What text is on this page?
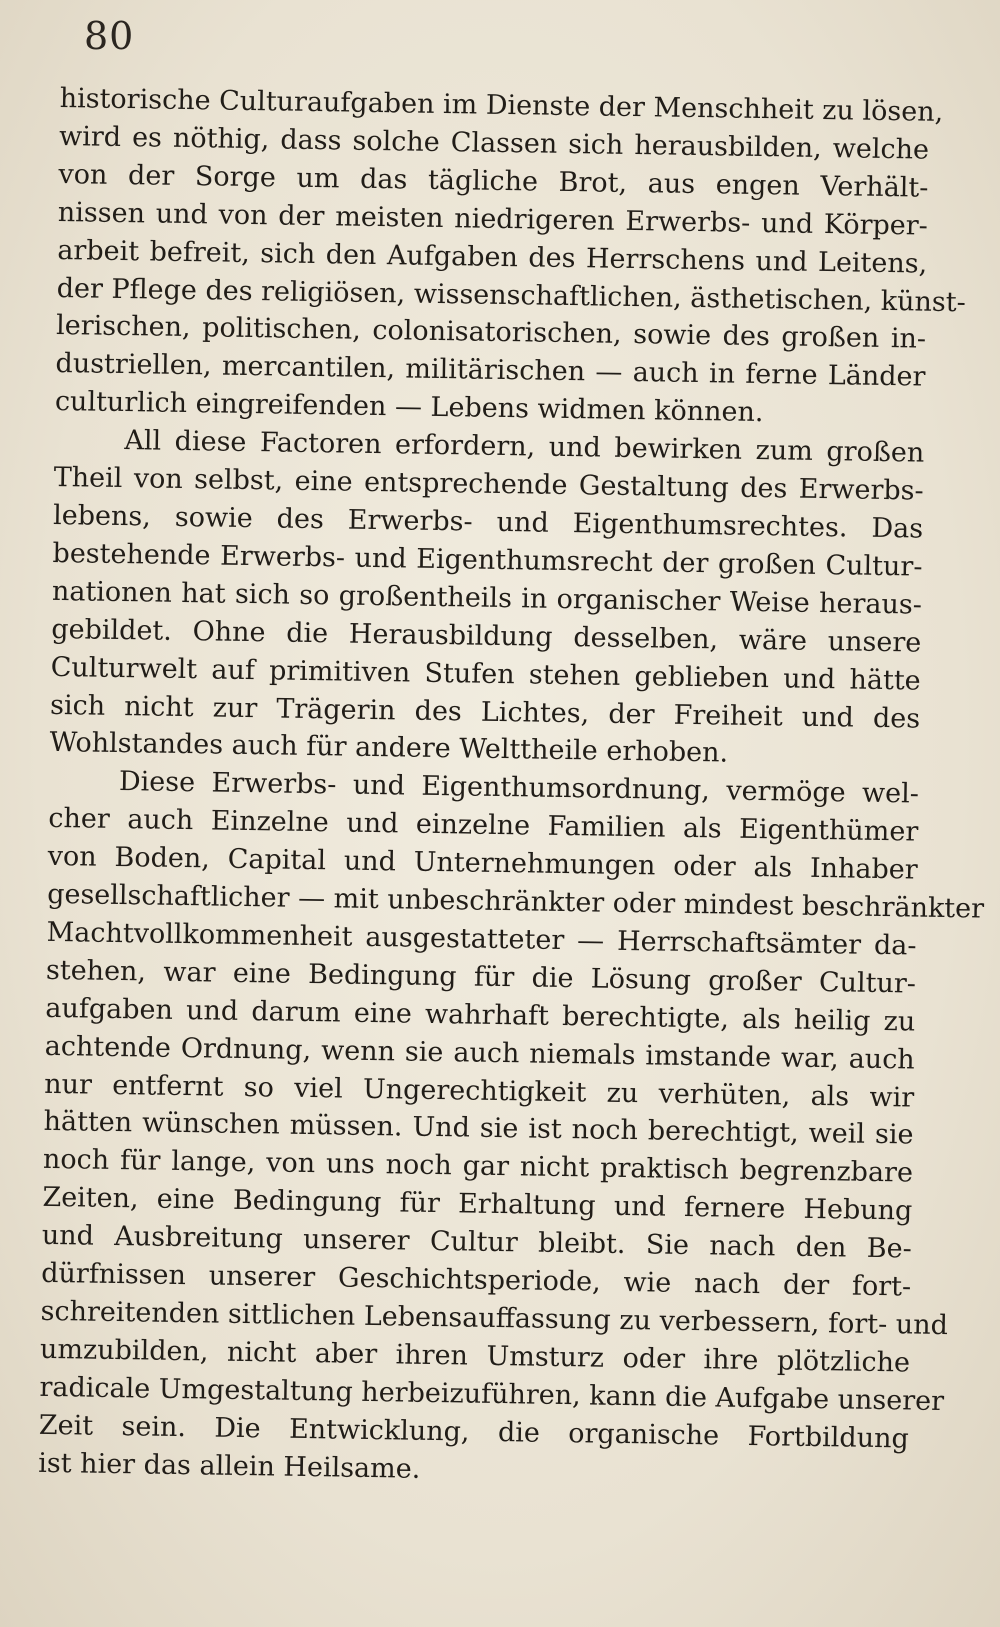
80
historische Culturaufgaben im Dienste der Menschheit zu lösen,
wird es nöthig, dass solche Classen sich herausbilden, welche
von der Sorge um das tägliche Brot, aus engen Verhält-
nissen und von der meisten niedrigeren Erwerbs- und Körper-
arbeit befreit, sich den Aufgaben des Herrschens und Leitens,
der Pflege des religiösen, wissenschaftlichen, ästhetischen, künst-
lerischen, politischen, colonisatorischen, sowie des großen in-
dustriellen, mercantilen, militärischen — auch in ferne Länder
culturlich eingreifenden — Lebens widmen können.
All diese Factoren erfordern, und bewirken zum großen
Theil von selbst, eine entsprechende Gestaltung des Erwerbs-
lebens, sowie des Erwerbs- und Eigenthumsrechtes. Das
bestehende Erwerbs- und Eigenthumsrecht der großen Cultur-
nationen hat sich so großentheils in organischer Weise heraus-
gebildet. Ohne die Herausbildung desselben, wäre unsere
Culturwelt auf primitiven Stufen stehen geblieben und hätte
sich nicht zur Trägerin des Lichtes, der Freiheit und des
Wohlstandes auch für andere Welttheile erhoben.
Diese Erwerbs- und Eigenthumsordnung, vermöge wel-
cher auch Einzelne und einzelne Familien als Eigenthümer
von Boden, Capital und Unternehmungen oder als Inhaber
gesellschaftlicher — mit unbeschränkter oder mindest beschränkter
Machtvollkommenheit ausgestatteter — Herrschaftsämter da-
stehen, war eine Bedingung für die Lösung großer Cultur-
aufgaben und darum eine wahrhaft berechtigte, als heilig zu
achtende Ordnung, wenn sie auch niemals imstande war, auch
nur entfernt so viel Ungerechtigkeit zu verhüten, als wir
hätten wünschen müssen. Und sie ist noch berechtigt, weil sie
noch für lange, von uns noch gar nicht praktisch begrenzbare
Zeiten, eine Bedingung für Erhaltung und fernere Hebung
und Ausbreitung unserer Cultur bleibt. Sie nach den Be-
dürfnissen unserer Geschichtsperiode, wie nach der fort-
schreitenden sittlichen Lebensauffassung zu verbessern, fort- und
umzubilden, nicht aber ihren Umsturz oder ihre plötzliche
radicale Umgestaltung herbeizuführen, kann die Aufgabe unserer
Zeit sein. Die Entwicklung, die organische Fortbildung
ist hier das allein Heilsame.
